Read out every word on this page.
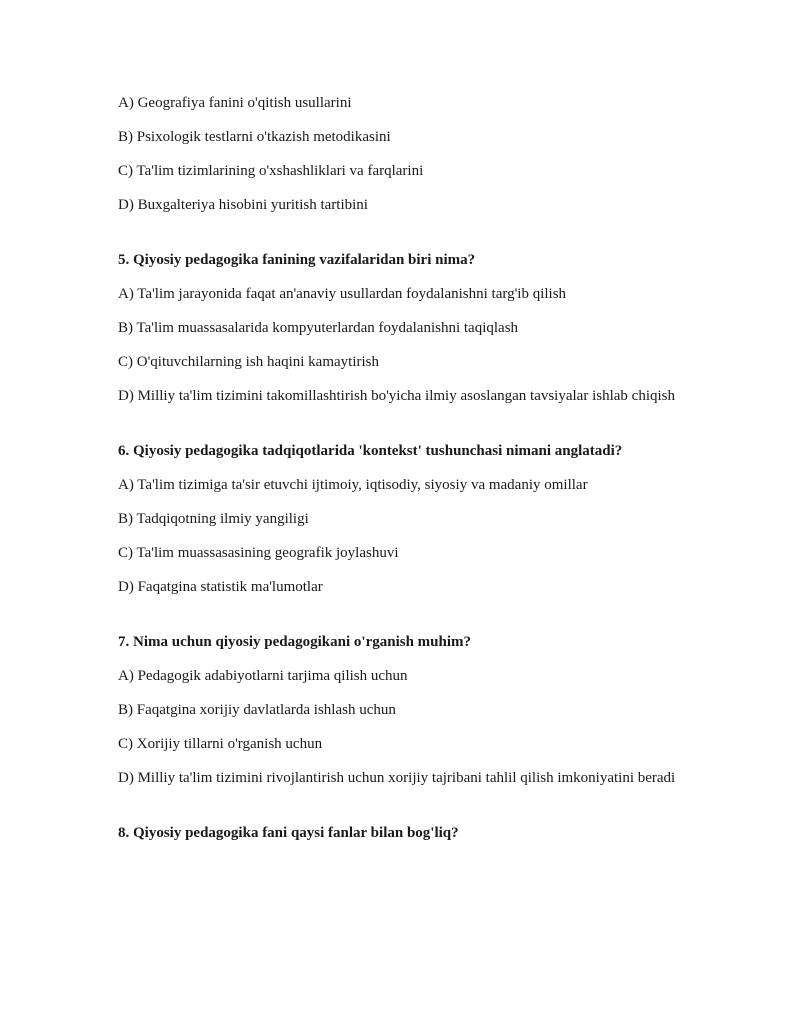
A) Geografiya fanini o'qitish usullarini

B) Psixologik testlarni o'tkazish metodikasini

C) Ta'lim tizimlarining o'xshashliklari va farqlarini

D) Buxgalteriya hisobini yuritish tartibini

5. Qiyosiy pedagogika fanining vazifalaridan biri nima?

A) Ta'lim jarayonida faqat an'anaviy usullardan foydalanishni targ'ib qilish

B) Ta'lim muassasalarida kompyuterlardan foydalanishni taqiqlash

C) O'qituvchilarning ish haqini kamaytirish

D) Milliy ta'lim tizimini takomillashtirish bo'yicha ilmiy asoslangan tavsiyalar ishlab chiqish

6. Qiyosiy pedagogika tadqiqotlarida 'kontekst' tushunchasi nimani anglatadi?

A) Ta'lim tizimiga ta'sir etuvchi ijtimoiy, iqtisodiy, siyosiy va madaniy omillar

B) Tadqiqotning ilmiy yangiligi

C) Ta'lim muassasasining geografik joylashuvi

D) Faqatgina statistik ma'lumotlar

7. Nima uchun qiyosiy pedagogikani o'rganish muhim?

A) Pedagogik adabiyotlarni tarjima qilish uchun

B) Faqatgina xorijiy davlatlarda ishlash uchun

C) Xorijiy tillarni o'rganish uchun

D) Milliy ta'lim tizimini rivojlantirish uchun xorijiy tajribani tahlil qilish imkoniyatini beradi

8. Qiyosiy pedagogika fani qaysi fanlar bilan bog'liq?
